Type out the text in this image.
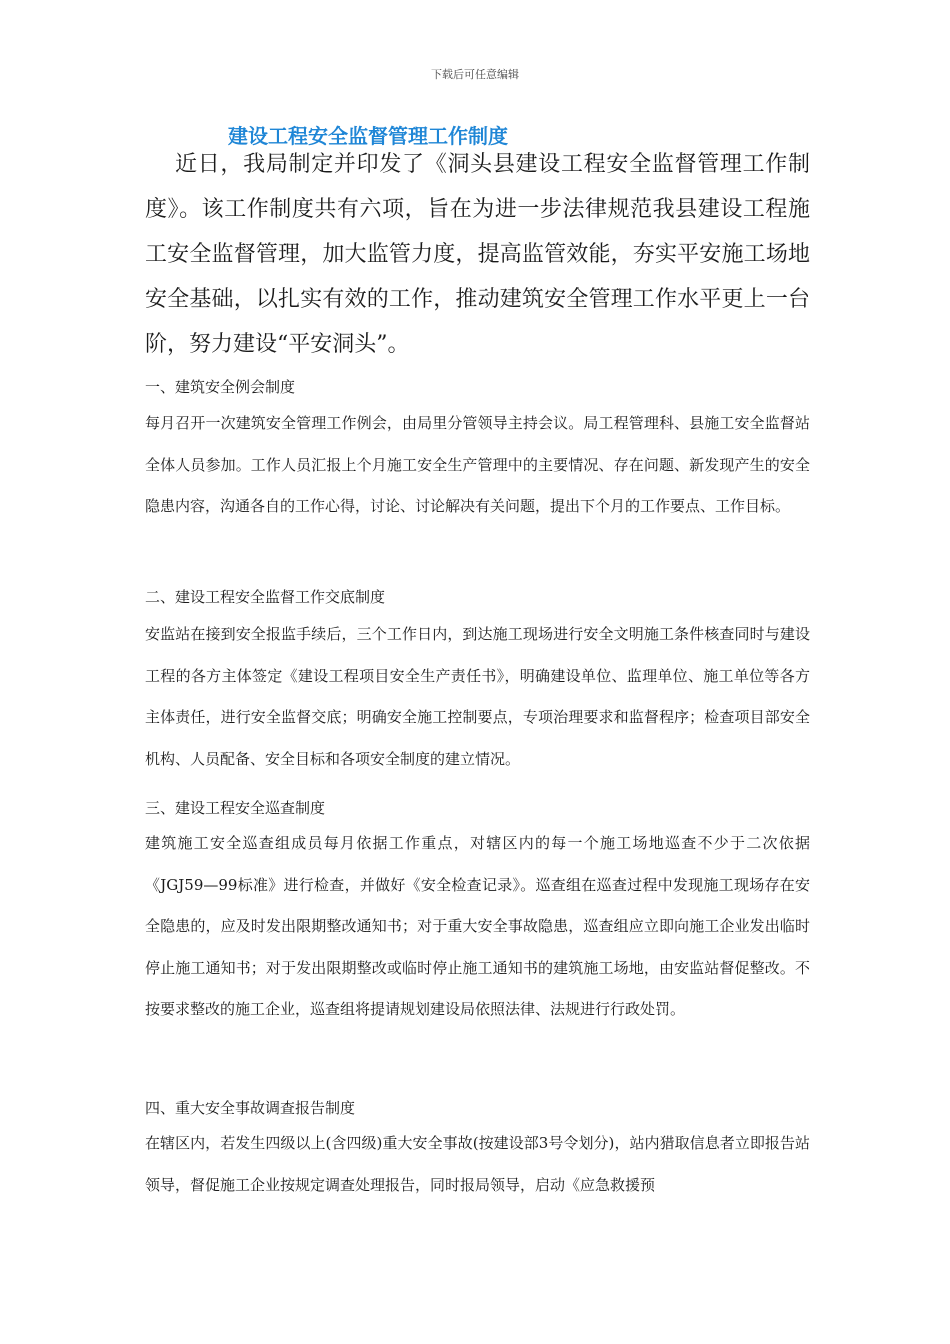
下载后可任意编辑
建设工程安全监督管理工作制度

近日，我局制定并印发了《洞头县建设工程安全监督管理工作制度》。该工作制度共有六项，旨在为进一步法律规范我县建设工程施工安全监督管理，加大监管力度，提高监管效能，夯实平安施工场地安全基础，以扎实有效的工作，推动建筑安全管理工作水平更上一台阶，努力建设“平安洞头”。

一、建筑安全例会制度

每月召开一次建筑安全管理工作例会，由局里分管领导主持会议。局工程管理科、县施工安全监督站全体人员参加。工作人员汇报上个月施工安全生产管理中的主要情况、存在问题、新发现产生的安全隐患内容，沟通各自的工作心得，讨论、讨论解决有关问题，提出下个月的工作要点、工作目标。

二、建设工程安全监督工作交底制度

安监站在接到安全报监手续后，三个工作日内，到达施工现场进行安全文明施工条件核查同时与建设工程的各方主体签定《建设工程项目安全生产责任书》，明确建设单位、监理单位、施工单位等各方主体责任，进行安全监督交底；明确安全施工控制要点，专项治理要求和监督程序；检查项目部安全机构、人员配备、安全目标和各项安全制度的建立情况。

三、建设工程安全巡查制度

建筑施工安全巡查组成员每月依据工作重点，对辖区内的每一个施工场地巡查不少于二次依据《JGJ59—99标准》进行检查，并做好《安全检查记录》。巡查组在巡查过程中发现施工现场存在安全隐患的，应及时发出限期整改通知书；对于重大安全事故隐患，巡查组应立即向施工企业发出临时停止施工通知书；对于发出限期整改或临时停止施工通知书的建筑施工场地，由安监站督促整改。不按要求整改的施工企业，巡查组将提请规划建设局依照法律、法规进行行政处罚。

四、重大安全事故调查报告制度

在辖区内，若发生四级以上(含四级)重大安全事故(按建设部3号令划分)，站内猎取信息者立即报告站领导，督促施工企业按规定调查处理报告，同时报局领导，启动《应急救援预
